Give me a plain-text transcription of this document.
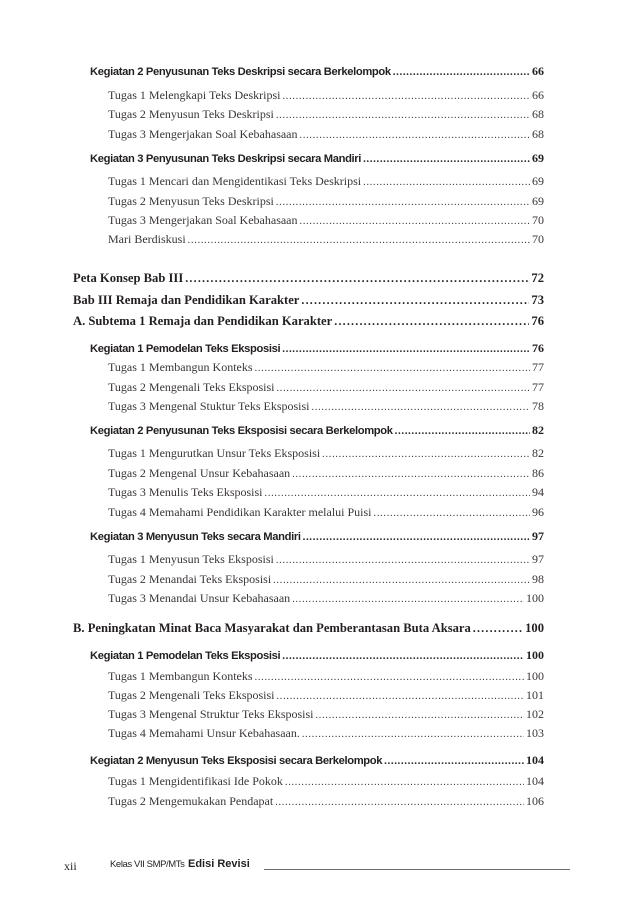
Kegiatan 2 Penyusunan Teks Deskripsi secara Berkelompok .....	66
Tugas 1 Melengkapi Teks Deskripsi .....	66
Tugas 2 Menyusun Teks Deskripsi .....	68
Tugas 3 Mengerjakan Soal Kebahasaan .....	68
Kegiatan 3 Penyusunan Teks Deskripsi secara Mandiri .....	69
Tugas 1 Mencari dan Mengidentikasi Teks Deskripsi .....	69
Tugas 2 Menyusun Teks Deskripsi .....	69
Tugas 3 Mengerjakan Soal Kebahasaan .....	70
Mari Berdiskusi .....	70
Peta Konsep Bab III .....	72
Bab III Remaja dan Pendidikan Karakter .....	73
A. Subtema 1 Remaja dan Pendidikan Karakter .....	76
Kegiatan 1 Pemodelan Teks Eksposisi .....	76
Tugas 1 Membangun Konteks .....	77
Tugas 2 Mengenali Teks Eksposisi .....	77
Tugas 3 Mengenal Stuktur Teks Eksposisi .....	78
Kegiatan 2 Penyusunan Teks Eksposisi secara Berkelompok .....	82
Tugas 1 Mengurutkan Unsur Teks Eksposisi .....	82
Tugas 2 Mengenal Unsur Kebahasaan .....	86
Tugas 3 Menulis Teks Eksposisi .....	94
Tugas 4 Memahami Pendidikan Karakter melalui Puisi .....	96
Kegiatan 3 Menyusun Teks secara Mandiri .....	97
Tugas 1 Menyusun Teks Eksposisi .....	97
Tugas 2 Menandai Teks Eksposisi .....	98
Tugas 3 Menandai Unsur Kebahasaan .....	100
B. Peningkatan Minat Baca Masyarakat dan Pemberantasan Buta Aksara .....	100
Kegiatan 1 Pemodelan Teks Eksposisi .....	100
Tugas 1 Membangun Konteks .....	100
Tugas 2 Mengenali Teks Eksposisi .....	101
Tugas 3 Mengenal Struktur Teks Eksposisi .....	102
Tugas 4 Memahami Unsur Kebahasaan. .....	103
Kegiatan 2 Menyusun Teks Eksposisi secara Berkelompok .....	104
Tugas 1 Mengidentifikasi Ide Pokok .....	104
Tugas 2 Mengemukakan Pendapat .....	106
xii	Kelas VII SMP/MTs Edisi Revisi
